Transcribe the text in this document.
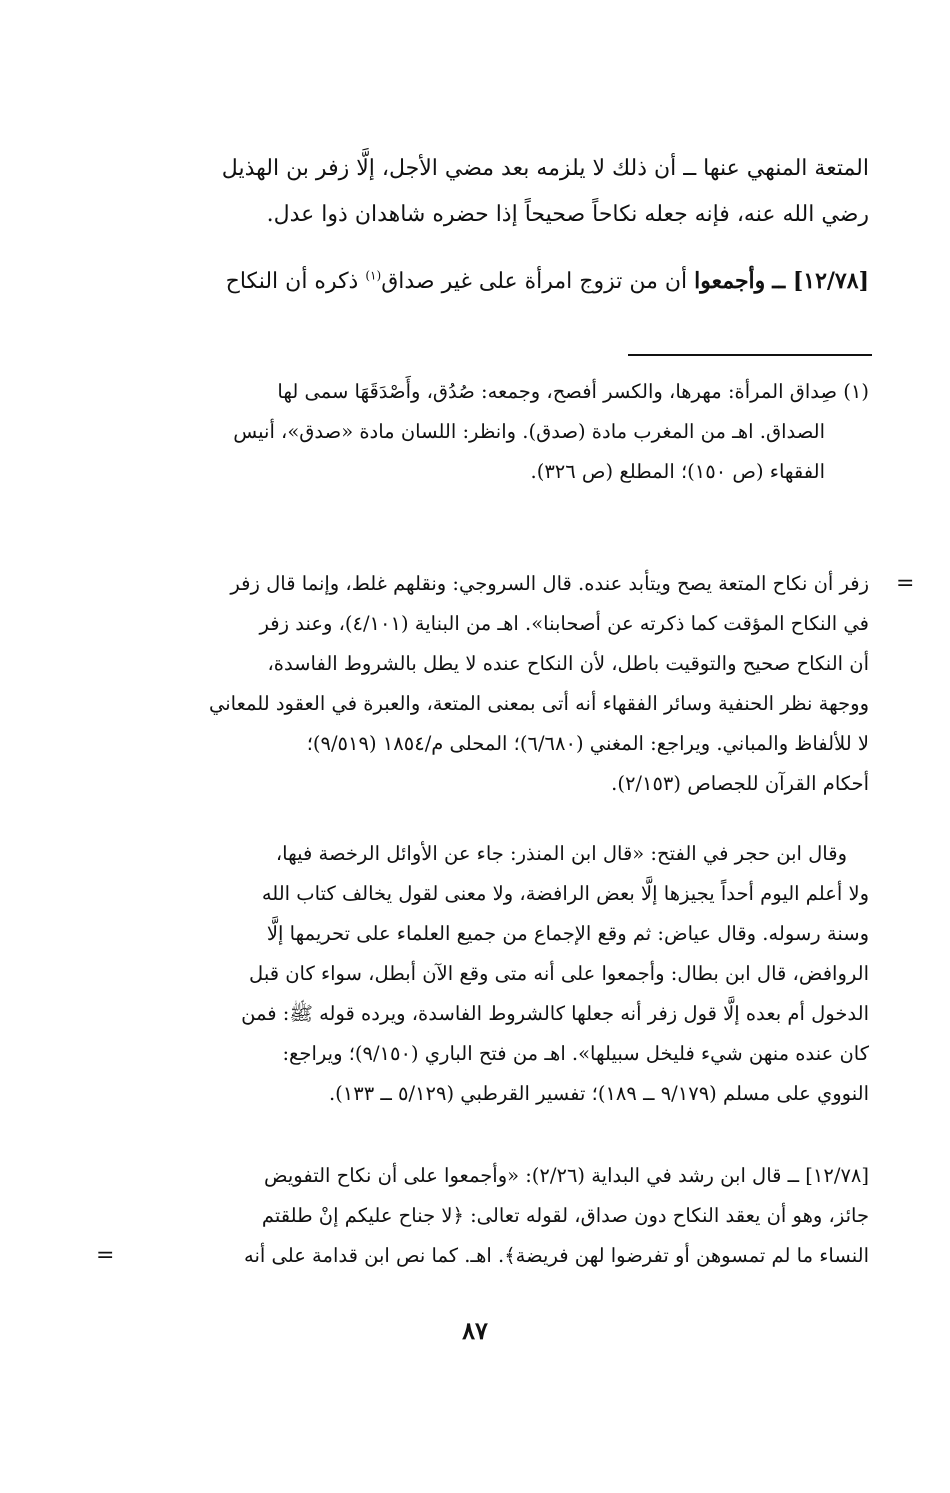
المتعة المنهي عنها ــ أن ذلك لا يلزمه بعد مضي الأجل، إلَّا زفر بن الهذيل
رضي الله عنه، فإنه جعله نكاحاً صحيحاً إذا حضره شاهدان ذوا عدل.
[١٢/٧٨] ــ وأجمعوا أن من تزوج امرأة على غير صداق$^{(١)}$ ذكره أن النكاح
(١) صِداق المرأة: مهرها، والكسر أفصح، وجمعه: صُدُق، وأَصْدَقَهَا سمى لها
الصداق. اهـ من المغرب مادة (صدق). وانظر: اللسان مادة «صدق»، أنيس
الفقهاء (ص ١٥٠)؛ المطلع (ص ٣٢٦).
=
زفر أن نكاح المتعة يصح ويتأبد عنده. قال السروجي: ونقلهم غلط، وإنما قال زفر
في النكاح المؤقت كما ذكرته عن أصحابنا». اهـ من البناية (٤/١٠١)، وعند زفر
أن النكاح صحيح والتوقيت باطل، لأن النكاح عنده لا يطل بالشروط الفاسدة،
ووجهة نظر الحنفية وسائر الفقهاء أنه أتى بمعنى المتعة، والعبرة في العقود للمعاني
لا للألفاظ والمباني. ويراجع: المغني (٦/٦٨٠)؛ المحلى م/١٨٥٤ (٩/٥١٩)؛
أحكام القرآن للجصاص (٢/١٥٣).
وقال ابن حجر في الفتح: «قال ابن المنذر: جاء عن الأوائل الرخصة فيها،
ولا أعلم اليوم أحداً يجيزها إلَّا بعض الرافضة، ولا معنى لقول يخالف كتاب الله
وسنة رسوله. وقال عياض: ثم وقع الإجماع من جميع العلماء على تحريمها إلَّا
الروافض، قال ابن بطال: وأجمعوا على أنه متى وقع الآن أبطل، سواء كان قبل
الدخول أم بعده إلَّا قول زفر أنه جعلها كالشروط الفاسدة، ويرده قوله ﷺ: فمن
كان عنده منهن شيء فليخل سبيلها». اهـ من فتح الباري (٩/١٥٠)؛ ويراجع:
النووي على مسلم (٩/١٧٩ ــ ١٨٩)؛ تفسير القرطبي (٥/١٢٩ ــ ١٣٣).
[١٢/٧٨] ــ قال ابن رشد في البداية (٢/٢٦): «وأجمعوا على أن نكاح التفويض
جائز، وهو أن يعقد النكاح دون صداق، لقوله تعالى: ﴿لا جناح عليكم إنْ طلقتم
النساء ما لم تمسوهن أو تفرضوا لهن فريضة﴾. اهـ. كما نص ابن قدامة على أنه
=
٨٧
